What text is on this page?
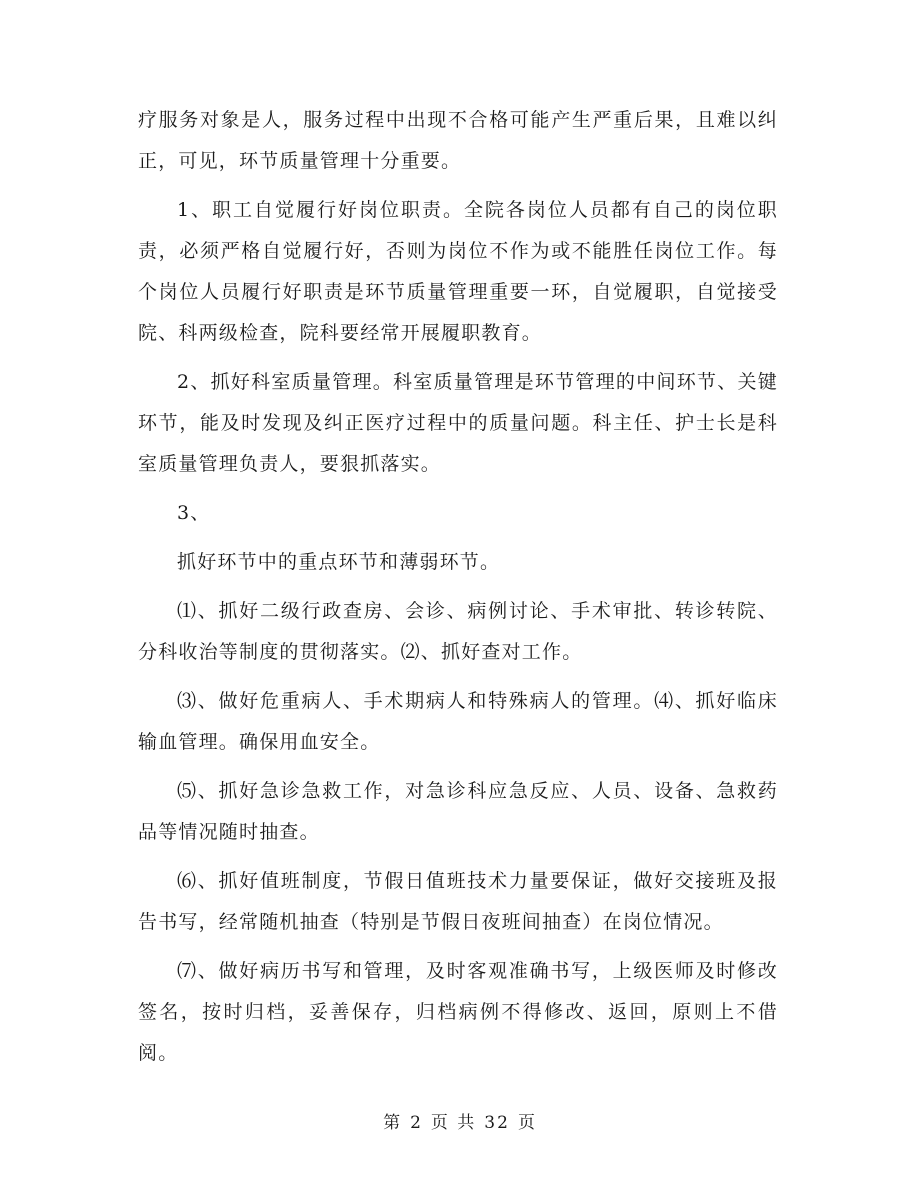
疗服务对象是人，服务过程中出现不合格可能产生严重后果，且难以纠正，可见，环节质量管理十分重要。

1、职工自觉履行好岗位职责。全院各岗位人员都有自己的岗位职责，必须严格自觉履行好，否则为岗位不作为或不能胜任岗位工作。每个岗位人员履行好职责是环节质量管理重要一环，自觉履职，自觉接受院、科两级检查，院科要经常开展履职教育。

2、抓好科室质量管理。科室质量管理是环节管理的中间环节、关键环节，能及时发现及纠正医疗过程中的质量问题。科主任、护士长是科室质量管理负责人，要狠抓落实。

3、

抓好环节中的重点环节和薄弱环节。

⑴、抓好二级行政查房、会诊、病例讨论、手术审批、转诊转院、分科收治等制度的贯彻落实。⑵、抓好查对工作。

⑶、做好危重病人、手术期病人和特殊病人的管理。⑷、抓好临床输血管理。确保用血安全。

⑸、抓好急诊急救工作，对急诊科应急反应、人员、设备、急救药品等情况随时抽查。

⑹、抓好值班制度，节假日值班技术力量要保证，做好交接班及报告书写，经常随机抽查（特别是节假日夜班间抽查）在岗位情况。

⑺、做好病历书写和管理，及时客观准确书写，上级医师及时修改签名，按时归档，妥善保存，归档病例不得修改、返回，原则上不借阅。

第 2 页 共 32 页
